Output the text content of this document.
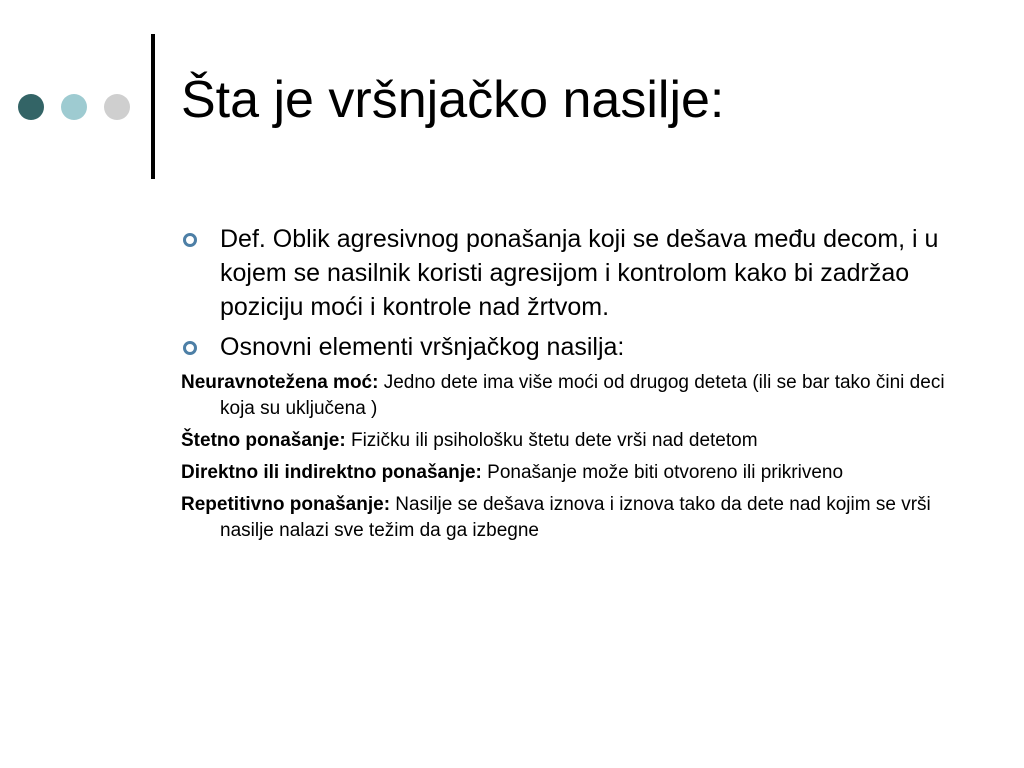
Šta je vršnjačko nasilje:
Def. Oblik agresivnog ponašanja koji se dešava među decom, i u kojem se nasilnik koristi agresijom i kontrolom kako bi zadržao poziciju moći i kontrole nad žrtvom.
Osnovni elementi vršnjačkog nasilja:
Neuravnotežena moć: Jedno dete ima više moći od drugog deteta (ili se bar tako čini deci koja su uključena )
Štetno ponašanje: Fizičku ili psihološku štetu dete vrši nad detetom
Direktno ili indirektno ponašanje: Ponašanje može biti otvoreno ili prikriveno
Repetitivno ponašanje: Nasilje se dešava iznova i iznova tako da dete nad kojim se vrši nasilje nalazi sve težim da ga izbegne
